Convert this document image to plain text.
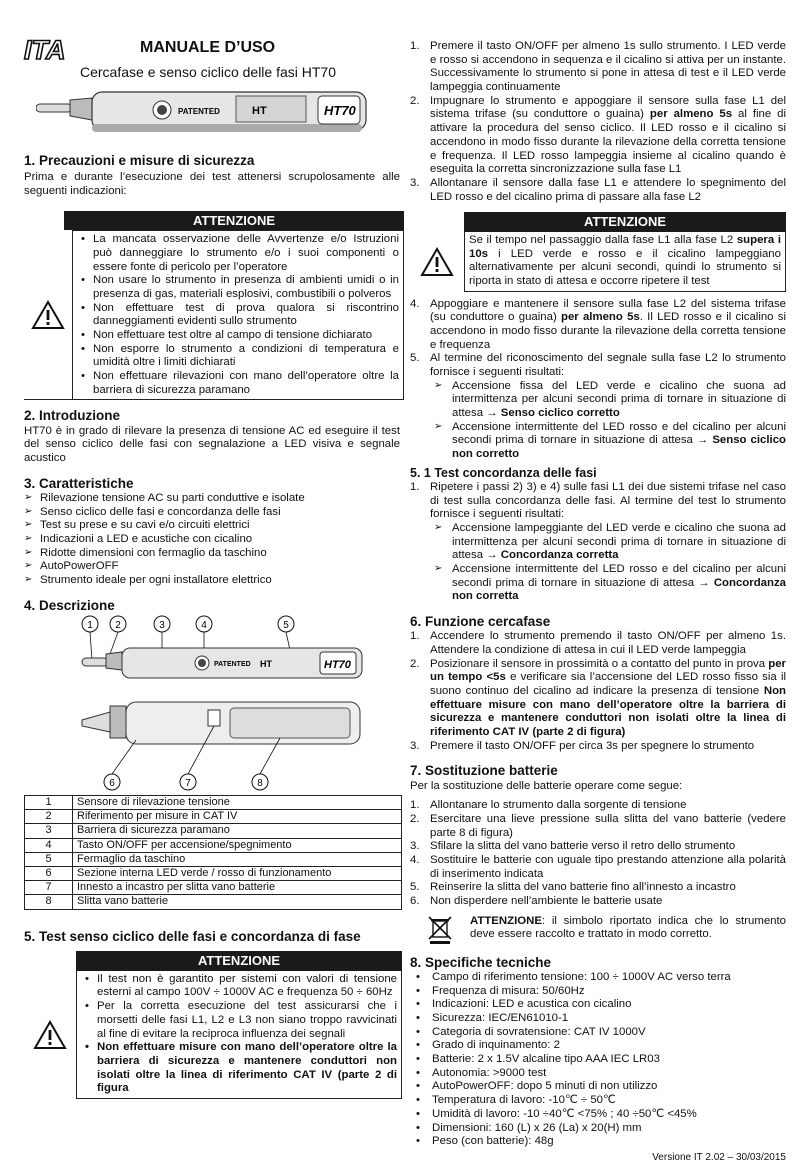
ITA	MANUALE D’USO
Cercafase e senso ciclico delle fasi HT70
PATENTED	HT	HT70
1. Precauzioni e misure di sicurezza

Prima e durante l’esecuzione dei test attenersi scrupolosamente alle seguenti indicazioni:

ATTENZIONE
• La mancata osservazione delle Avvertenze e/o Istruzioni può danneggiare lo strumento e/o i suoi componenti o essere fonte di pericolo per l’operatore
• Non usare lo strumento in presenza di ambienti umidi o in presenza di gas, materiali esplosivi, combustibili o polveros
• Non effettuare test di prova qualora si riscontrino danneggiamenti evidenti sullo strumento
• Non effettuare test oltre al campo di tensione dichiarato
• Non esporre lo strumento a condizioni di temperatura e umidità oltre i limiti dichiarati
• Non effettuare rilevazioni con mano dell’operatore oltre la barriera di sicurezza paramano
2. Introduzione

HT70 è in grado di rilevare la presenza di tensione AC ed eseguire il test del senso ciclico delle fasi con segnalazione a LED visiva e segnale acustico

3. Caratteristiche
➢ Rilevazione tensione AC su parti conduttive e isolate
➢ Senso ciclico delle fasi e concordanza delle fasi
➢ Test su prese e su cavi e/o circuiti elettrici
➢ Indicazioni a LED e acustiche con cicalino
➢ Ridotte dimensioni con fermaglio da taschino
➢ AutoPowerOFF
➢ Strumento ideale per ogni installatore elettrico
4. Descrizione
1 2	3	4	5
PATENTED HT	HT70
6	7	8
1	Sensore di rilevazione tensione
2	Riferimento per misure in CAT IV
3	Barriera di sicurezza paramano
4	Tasto ON/OFF per accensione/spegnimento
5	Fermaglio da taschino
6	Sezione interna LED verde / rosso di funzionamento
7	Innesto a incastro per slitta vano batterie
8	Slitta vano batterie
5. Test senso ciclico delle fasi e concordanza di fase
ATTENZIONE
• Il test non è garantito per sistemi con valori di tensione esterni al campo 100V ÷ 1000V AC e frequenza 50 ÷ 60Hz
• Per la corretta esecuzione del test assicurarsi che i morsetti delle fasi L1, L2 e L3 non siano troppo ravvicinati al fine di evitare la reciproca influenza dei segnali
• Non effettuare misure con mano dell’operatore oltre la barriera di sicurezza e mantenere conduttori non isolati oltre la linea di riferimento CAT IV (parte 2 di figura
1. Premere il tasto ON/OFF per almeno 1s sullo strumento. I LED verde e rosso si accendono in sequenza e il cicalino si attiva per un instante. Successivamente lo strumento si pone in attesa di test e il LED verde lampeggia continuamente
2. Impugnare lo strumento e appoggiare il sensore sulla fase L1 del sistema trifase (su conduttore o guaina) per almeno 5s al fine di attivare la procedura del senso ciclico. Il LED rosso e il cicalino si accendono in modo fisso durante la rilevazione della corretta tensione e frequenza. Il LED rosso lampeggia insieme al cicalino quando è eseguita la corretta sincronizzazione sulla fase L1
3. Allontanare il sensore dalla fase L1 e attendere lo spegnimento del LED rosso e del cicalino prima di passare alla fase L2
ATTENZIONE
Se il tempo nel passaggio dalla fase L1 alla fase L2 supera i 10s i LED verde e rosso e il cicalino lampeggiano alternativamente per alcuni secondi, quindi lo strumento si riporta in stato di attesa e occorre ripetere il test
4. Appoggiare e mantenere il sensore sulla fase L2 del sistema trifase (su conduttore o guaina) per almeno 5s. Il LED rosso e il cicalino si accendono in modo fisso durante la rilevazione della corretta tensione e frequenza
5. Al termine del riconoscimento del segnale sulla fase L2 lo strumento fornisce i seguenti risultati:
➢ Accensione fissa del LED verde e cicalino che suona ad intermittenza per alcuni secondi prima di tornare in situazione di attesa → Senso ciclico corretto
➢ Accensione intermittente del LED rosso e del cicalino per alcuni secondi prima di tornare in situazione di attesa → Senso ciclico non corretto
5. 1 Test concordanza delle fasi
1. Ripetere i passi 2) 3) e 4) sulle fasi L1 dei due sistemi trifase nel caso di test sulla concordanza delle fasi. Al termine del test lo strumento fornisce i seguenti risultati:
➢ Accensione lampeggiante del LED verde e cicalino che suona ad intermittenza per alcuni secondi prima di tornare in situazione di attesa → Concordanza corretta
➢ Accensione intermittente del LED rosso e del cicalino per alcuni secondi prima di tornare in situazione di attesa → Concordanza non corretta
6. Funzione cercafase
1. Accendere lo strumento premendo il tasto ON/OFF per almeno 1s. Attendere la condizione di attesa in cui il LED verde lampeggia
2. Posizionare il sensore in prossimità o a contatto del punto in prova per un tempo <5s e verificare sia l’accensione del LED rosso fisso sia il suono continuo del cicalino ad indicare la presenza di tensione Non effettuare misure con mano dell’operatore oltre la barriera di sicurezza e mantenere conduttori non isolati oltre la linea di riferimento CAT IV (parte 2 di figura)
3. Premere il tasto ON/OFF per circa 3s per spegnere lo strumento
7. Sostituzione batterie

Per la sostituzione delle batterie operare come segue:

1. Allontanare lo strumento dalla sorgente di tensione
2. Esercitare una lieve pressione sulla slitta del vano batterie (vedere parte 8 di figura)
3. Sfilare la slitta del vano batterie verso il retro dello strumento
4. Sostituire le batterie con uguale tipo prestando attenzione alla polarità di inserimento indicata
5. Reinserire la slitta del vano batterie fino all’innesto a incastro
6. Non disperdere nell’ambiente le batterie usate
ATTENZIONE: il simbolo riportato indica che lo strumento deve essere raccolto e trattato in modo corretto.
8. Specifiche tecniche
• Campo di riferimento tensione: 100 ÷ 1000V AC verso terra
• Frequenza di misura: 50/60Hz
• Indicazioni: LED e acustica con cicalino
• Sicurezza: IEC/EN61010-1
• Categoria di sovratensione: CAT IV 1000V
• Grado di inquinamento: 2
• Batterie: 2 x 1.5V alcaline tipo AAA IEC LR03
• Autonomia: >9000 test
• AutoPowerOFF: dopo 5 minuti di non utilizzo
• Temperatura di lavoro: -10℃ ÷ 50℃
• Umidità di lavoro: -10 ÷40℃ <75% ; 40 ÷50℃ <45%
• Dimensioni: 160 (L) x 26 (La) x 20(H) mm
• Peso (con batterie): 48g
Versione IT 2.02 – 30/03/2015
